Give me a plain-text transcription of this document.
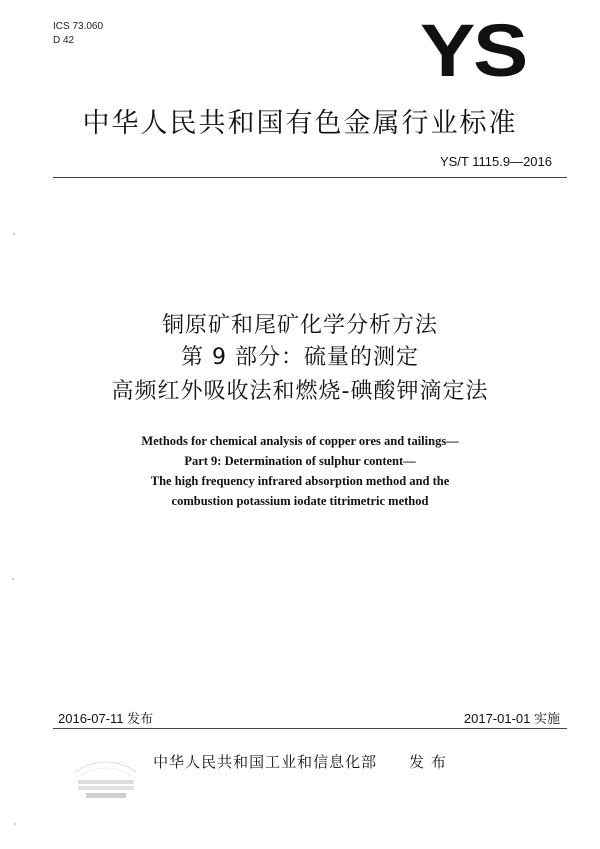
ICS 73.060
D 42	YS
中华人民共和国有色金属行业标准
YS/T 1115.9—2016
铜原矿和尾矿化学分析方法
第 9 部分：硫量的测定
高频红外吸收法和燃烧-碘酸钾滴定法
Methods for chemical analysis of copper ores and tailings—
Part 9: Determination of sulphur content—
The high frequency infrared absorption method and the
combustion potassium iodate titrimetric method
2016-07-11 发布	2017-01-01 实施
中华人民共和国工业和信息化部　　发 布
